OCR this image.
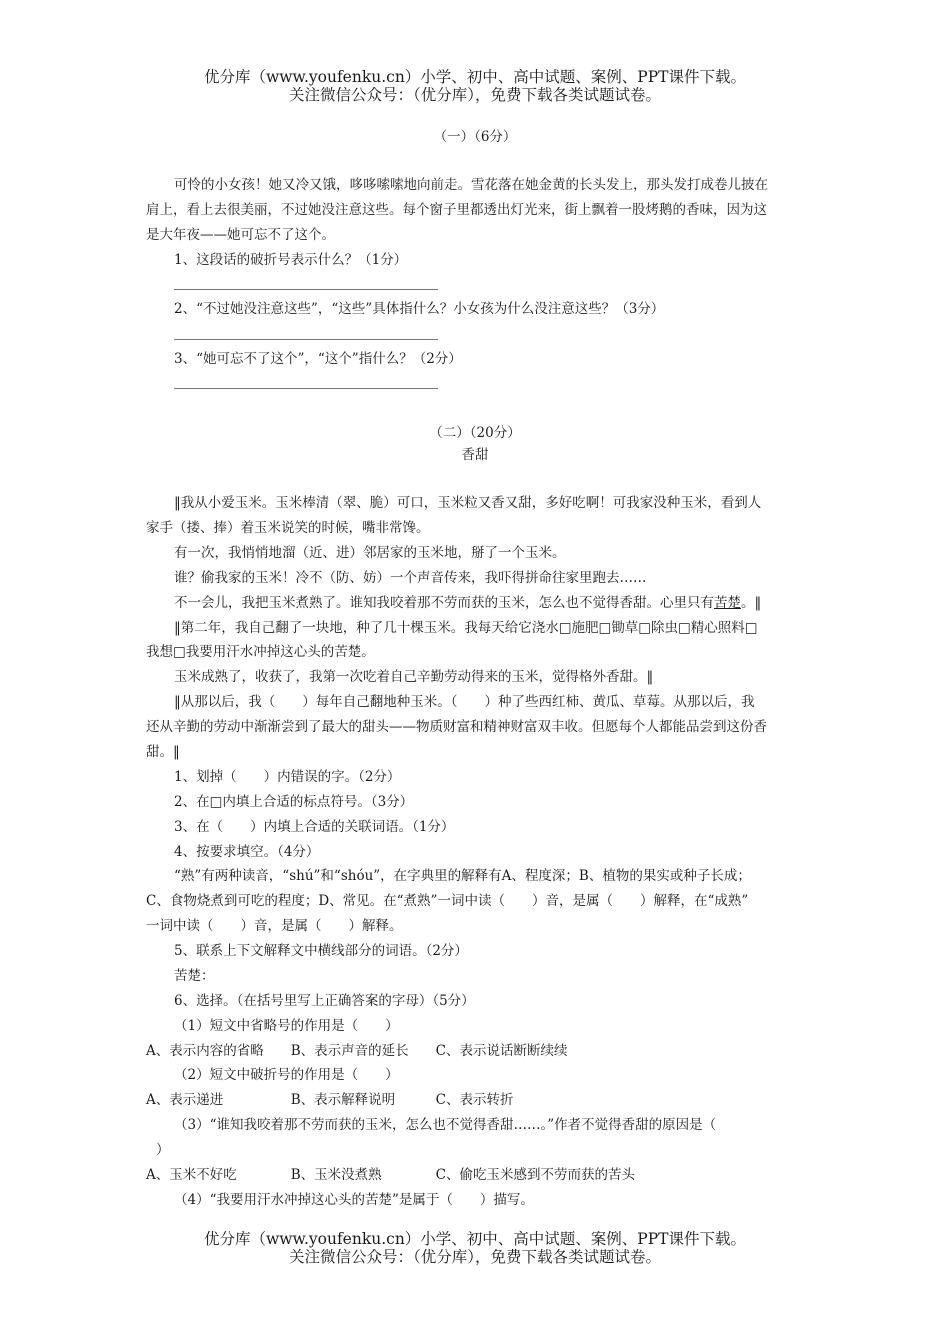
优分库（www.youfenku.cn）小学、初中、高中试题、案例、PPT课件下载。
关注微信公众号：（优分库），免费下载各类试题试卷。
（一）（6分）
可怜的小女孩！她又冷又饿，哆哆嗦嗦地向前走。雪花落在她金黄的长头发上，那头发打成卷儿披在
肩上，看上去很美丽，不过她没注意这些。每个窗子里都透出灯光来，街上飘着一股烤鹅的香味，因为这
是大年夜——她可忘不了这个。
1、这段话的破折号表示什么？（1分）
2、“不过她没注意这些”，“这些”具体指什么？小女孩为什么没注意这些？（3分）
3、“她可忘不了这个”，“这个”指什么？（2分）
（二）（20分）
香甜
‖我从小爱玉米。玉米棒清（翠、脆）可口，玉米粒又香又甜，多好吃啊！可我家没种玉米，看到人
家手（搂、捧）着玉米说笑的时候，嘴非常馋。
有一次，我悄悄地溜（近、进）邻居家的玉米地，掰了一个玉米。
谁？偷我家的玉米！冷不（防、妨）一个声音传来，我吓得拼命往家里跑去……
不一会儿，我把玉米煮熟了。谁知我咬着那不劳而获的玉米，怎么也不觉得香甜。心里只有苦楚。‖
‖第二年，我自己翻了一块地，种了几十棵玉米。我每天给它浇水□施肥□锄草□除虫□精心照料□
我想□我要用汗水冲掉这心头的苦楚。
玉米成熟了，收获了，我第一次吃着自己辛勤劳动得来的玉米，觉得格外香甜。‖
‖从那以后，我（　　）每年自己翻地种玉米。（　　）种了些西红柿、黄瓜、草莓。从那以后，我
还从辛勤的劳动中渐渐尝到了最大的甜头——物质财富和精神财富双丰收。但愿每个人都能品尝到这份香
甜。‖
1、划掉（　　）内错误的字。（2分）
2、在□内填上合适的标点符号。（3分）
3、在（　　）内填上合适的关联词语。（1分）
4、按要求填空。（4分）
“熟”有两种读音，“shú”和“shóu”，在字典里的解释有A、程度深；B、植物的果实或种子长成；
C、食物烧煮到可吃的程度；D、常见。在“煮熟”一词中读（　　）音，是属（　　）解释，在“成熟”
一词中读（　　）音，是属（　　）解释。
5、联系上下文解释文中横线部分的词语。（2分）
苦楚：
6、选择。（在括号里写上正确答案的字母）（5分）
（1）短文中省略号的作用是（　　）
A、表示内容的省略　　B、表示声音的延长　　C、表示说话断断续续
（2）短文中破折号的作用是（　　）
A、表示递进　　　　　B、表示解释说明　　　C、表示转折
（3）“谁知我咬着那不劳而获的玉米，怎么也不觉得香甜……。”作者不觉得香甜的原因是（
）
A、玉米不好吃　　　　B、玉米没煮熟　　　　C、偷吃玉米感到不劳而获的苦头
（4）“我要用汗水冲掉这心头的苦楚”是属于（　　）描写。
优分库（www.youfenku.cn）小学、初中、高中试题、案例、PPT课件下载。
关注微信公众号：（优分库），免费下载各类试题试卷。
